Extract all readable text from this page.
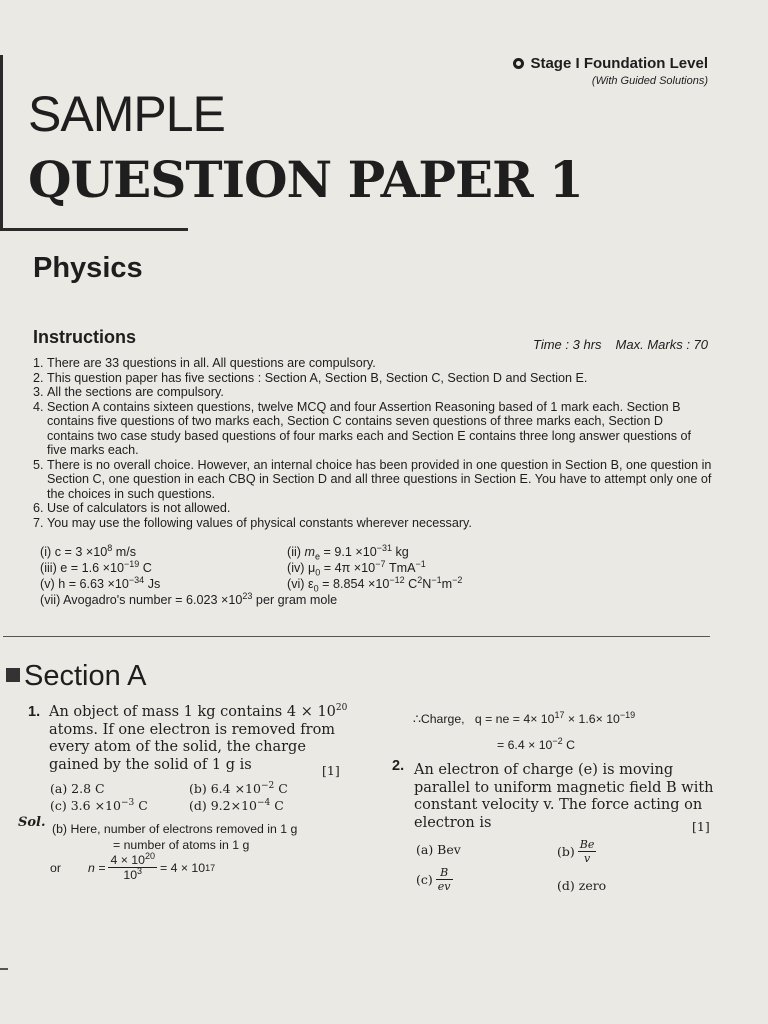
Stage I Foundation Level
(With Guided Solutions)
SAMPLE
QUESTION PAPER 1
Physics
Instructions	Time : 3 hrs Max. Marks : 70
1. There are 33 questions in all. All questions are compulsory.
2. This question paper has five sections : Section A, Section B, Section C, Section D and Section E.
3. All the sections are compulsory.
4. Section A contains sixteen questions, twelve MCQ and four Assertion Reasoning based of 1 mark each. Section B contains five questions of two marks each, Section C contains seven questions of three marks each, Section D contains two case study based questions of four marks each and Section E contains three long answer questions of five marks each.
5. There is no overall choice. However, an internal choice has been provided in one question in Section B, one question in Section C, one question in each CBQ in Section D and all three questions in Section E. You have to attempt only one of the choices in such questions.
6. Use of calculators is not allowed.
7. You may use the following values of physical constants wherever necessary.
(i) $c = 3 \times 10^8$ m/s	(ii) $m_e = 9.1 \times 10^{-31}$ kg
(iii) $e = 1.6 \times 10^{-19}$ C	(iv) $\mu_0 = 4\pi \times 10^{-7}$ TmA$^{-1}$
(v) $h = 6.63 \times 10^{-34}$ Js	(vi) $\varepsilon_0 = 8.854 \times 10^{-12}$ $C^2N^{-1}m^{-2}$
(vii) Avogadro's number = $6.023 \times 10^{23}$ per gram mole
Section A
1. An object of mass 1 kg contains $4 \times 10^{20}$
atoms. If one electron is removed from
every atom of the solid, the charge
gained by the solid of 1 g is	[1]
(a) 2.8 C	(b) $6.4 \times 10^{-2}$ C
(c) $3.6 \times 10^{-3}$ C	(d) $9.2\times 10^{-4}$ C
Sol. (b) Here, number of electrons removed in 1 g
= number of atoms in 1 g
or $n = \frac{4 \times 10^{20}}{10^3} = 4 \times 10$ 17
∴Charge, q = ne = $4\times 10^{17} \times 1.6\times 10^{-19}$
= $6.4 \times 10^{-2}$ C
2. An electron of charge (e) is moving
parallel to uniform magnetic field B with
constant velocity v. The force acting on
electron is	[1]
(a) Bev	$(b) \frac{Be}{v}$
$(c) \frac{B}{ev}$	(d) zero
